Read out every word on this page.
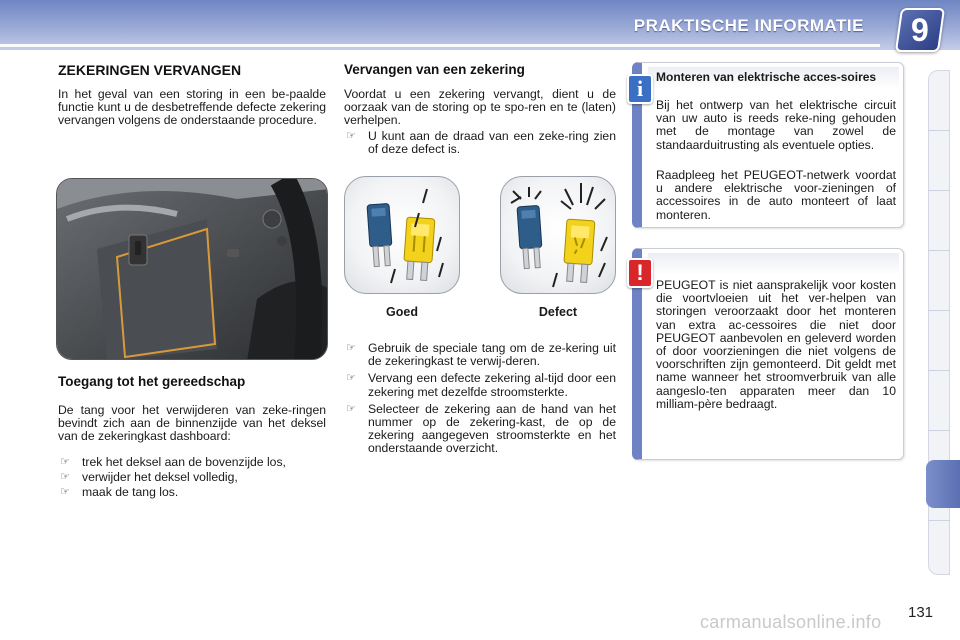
PRAKTISCHE INFORMATIE	9
ZEKERINGEN VERVANGEN
In het geval van een storing in een be-paalde functie kunt u de desbetreffende defecte zekering vervangen volgens de onderstaande procedure.
Toegang tot het gereedschap
De tang voor het verwijderen van zeke-ringen bevindt zich aan de binnenzijde van het deksel van de zekeringkast dashboard:
☞ trek het deksel aan de bovenzijde los,
☞ verwijder het deksel volledig,
☞ maak de tang los.
Vervangen van een zekering
Voordat u een zekering vervangt, dient u de oorzaak van de storing op te spo-ren en te (laten) verhelpen.
☞ U kunt aan de draad van een zeke-ring zien of deze defect is.
Goed	Defect
☞ Gebruik de speciale tang om de ze-kering uit de zekeringkast te verwij-deren.
☞ Vervang een defecte zekering al-tijd door een zekering met dezelfde stroomsterkte.
☞ Selecteer de zekering aan de hand van het nummer op de zekering-kast, de op de zekering aangegeven stroomsterkte en het onderstaande overzicht.
i	Monteren van elektrische acces-soires
Bij het ontwerp van het elektrische circuit van uw auto is reeds reke-ning gehouden met de montage van zowel de standaarduitrusting als eventuele opties.
Raadpleeg het PEUGEOT-netwerk voordat u andere elektrische voor-zieningen of accessoires in de auto monteert of laat monteren.
!	PEUGEOT is niet aansprakelijk voor kosten die voortvloeien uit het ver-helpen van storingen veroorzaakt door het monteren van extra ac-cessoires die niet door PEUGEOT aanbevolen en geleverd worden of door voorzieningen die niet volgens de voorschriften zijn gemonteerd. Dit geldt met name wanneer het stroomverbruik van alle aangeslo-ten apparaten meer dan 10 milliam-père bedraagt.
carmanualsonline.info 131
